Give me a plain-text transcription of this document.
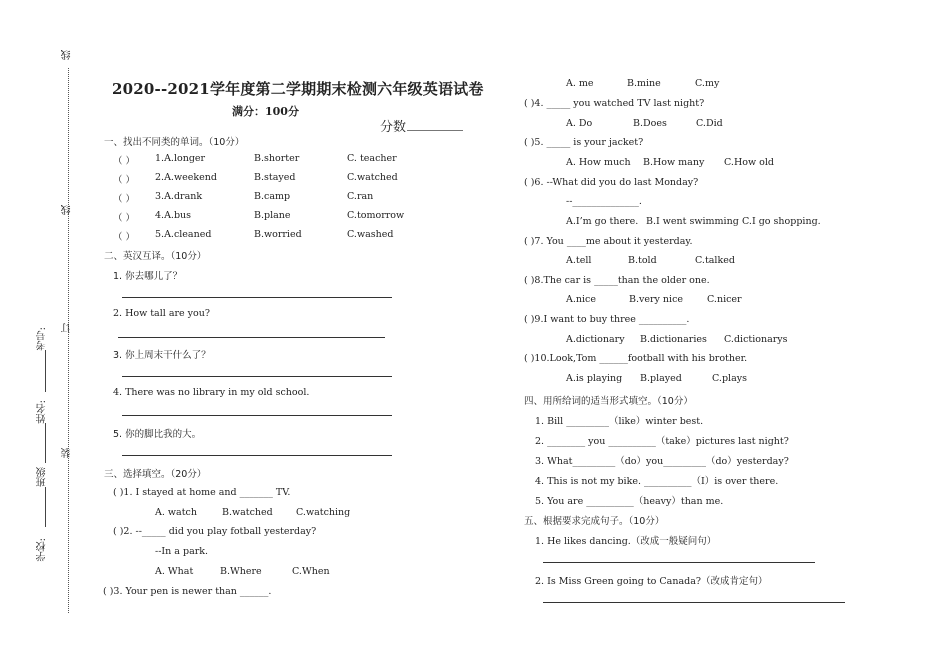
线
线
订
装
考号:
姓名:
班级
学校:
2020--2021学年度第二学期期末检测六年级英语试卷
满分：100分
分数
一、找出不同类的单词。（10分）
（ ） 1.A.longer	B.shorter	C. teacher
（ ） 2.A.weekend	B.stayed	C.watched
（ ） 3.A.drank	B.camp	C.ran
（ ） 4.A.bus	B.plane	C.tomorrow
（ ） 5.A.cleaned	B.worried	C.washed
二、英汉互译。（10分）
1. 你去哪儿了？
2. How tall are you?
3. 你上周末干什么了？
4. There was no library in my old school.
5. 你的脚比我的大。
三、选择填空。（20分）
( )1. I stayed at home and _______ TV.
A. watch	B.watched C.watching
( )2. --_____ did you play fotball yesterday?
--In a park.
A. What	B.Where	C.When
( )3. Your pen is newer than ______.
A. me	B.mine	C.my
( )4. _____ you watched TV last night?
A. Do	B.Does	C.Did
( )5. _____ is your jacket?
A. How much B.How many C.How old
( )6. --What did you do last Monday?
--______________.
A.I’m go there. B.I went swimming C.I go shopping.
( )7. You ____me about it yesterday.
A.tell	B.told	C.talked
( )8.The car is _____than the older one.
A.nice	B.very nice	C.nicer
( )9.I want to buy three __________.
A.dictionary B.dictionaries C.dictionarys
( )10.Look,Tom ______football with his brother.
A.is playing B.played	C.plays
四、用所给词的适当形式填空。（10分）
1. Bill _________（like）winter best.
2. ________ you __________（take）pictures last night?
3. What_________（do）you_________（do）yesterday?
4. This is not my bike. __________（I）is over there.
5. You are __________（heavy）than me.
五、根据要求完成句子。（10分）
1. He likes dancing.（改成一般疑问句）
2. Is Miss Green going to Canada?（改成肯定句）
